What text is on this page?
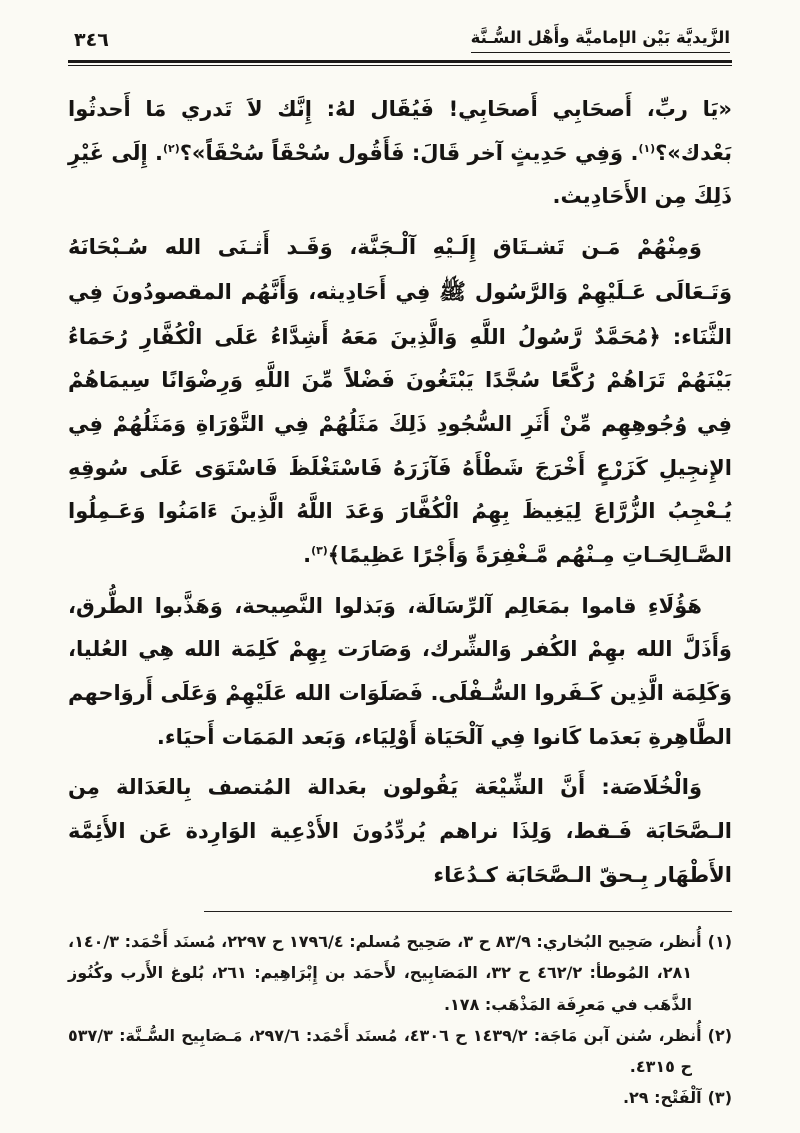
الزَّيديَّة بَيْن الإماميَّة وأَهْل السُّـنَّة
٣٤٦

«يَا ربِّ، أَصحَابِي أَصحَابِي! فَيُقَال لهُ: إِنَّك لاَ تَدري مَا أَحدثُوا بَعْدك»؟$^{(١)}$. وَفِي حَدِيثٍ آخر قَالَ: فَأَقُول سُحْقَاً سُحْقَاً»؟$^{(٢)}$. إِلَى غَيْرِ ذَلِكَ مِن الأَحَادِيث.

وَمِنْهُمْ مَـن تَشـتَاق إِلَـيْهِ آلْـجَنَّة، وَقَـد أَثـنَى الله سُـبْحَانَهُ وَتَـعَالَى عَـلَيْهِمْ وَالرَّسُول ﷺ فِي أَحَادِيثه، وَأَنَّهُم المقصودُونَ فِي الثَّنَاء: ﴿مُحَمَّدٌ رَّسُولُ اللَّهِ وَالَّذِينَ مَعَهُ أَشِدَّاءُ عَلَى الْكُفَّارِ رُحَمَاءُ بَيْنَهُمْ تَرَاهُمْ رُكَّعًا سُجَّدًا يَبْتَغُونَ فَضْلاً مِّنَ اللَّهِ وَرِضْوَانًا سِيمَاهُمْ فِي وُجُوهِهِم مِّنْ أَثَرِ السُّجُودِ ذَلِكَ مَثَلُهُمْ فِي التَّوْرَاةِ وَمَثَلُهُمْ فِي الإِنجِيلِ كَزَرْعٍ أَخْرَجَ شَطْأَهُ فَآزَرَهُ فَاسْتَغْلَظَ فَاسْتَوَى عَلَى سُوقِهِ يُـعْجِبُ الزُّرَّاعَ لِيَغِيظَ بِهِمُ الْكُفَّارَ وَعَدَ اللَّهُ الَّذِينَ ءَامَنُوا وَعَـمِلُوا الصَّـالِحَـاتِ مِـنْهُم مَّـغْفِرَةً وَأَجْرًا عَظِيمًا﴾$^{(٣)}$.

هَؤُلَاءِ قاموا بمَعَالِم آلرِّسَالَة، وَبَذلوا النَّصِيحة، وَهَذَّبوا الطُّرق، وَأَذَلَّ الله بهِمْ الكُفر وَالشِّرك، وَصَارَت بِهِمْ كَلِمَة الله هِي العُليا، وَكَلِمَة الَّذِين كَـفَروا السُّـفْلَى. فَصَلَوَات الله عَلَيْهِمْ وَعَلَى أَروَاحهم الطَّاهِرةِ بَعدَما كَانوا فِي آلْحَيَاة أَوْلِيَاء، وَبَعد المَمَات أَحيَاء.

وَالْخُلَاصَة: أَنَّ الشِّيْعَة يَقُولون بعَدالة المُتصف بِالعَدَالة مِن الـصَّحَابَة فَـقط، وَلِذَا نراهم يُردِّدُونَ الأَدْعِية الوَارِدة عَن الأَئِمَّة الأَطْهَار بِـحقّ الـصَّحَابَة كـدُعَاء

(١)أُنظر، صَحِيح البُخاري: ٨٣/٩ ح ٣، صَحِيح مُسلم: ١٧٩٦/٤ ح ٢٢٩٧، مُسنَد أَحْمَد: ١٤٠/٣، ٢٨١، المُوطأ: ٤٦٢/٢ ح ٣٢، المَصَابِيح، لأَحمَد بن إِبْرَاهِيم: ٢٦١، بُلوغ الأَرب وكُنُوز الذَّهَب في مَعرِفَة المَذْهَب: ١٧٨.
(٢)أُنظر، سُنن آبن مَاجَة: ١٤٣٩/٢ ح ٤٣٠٦، مُسنَد أَحْمَد: ٢٩٧/٦، مَـصَابِيح السُّـنَّة: ٥٣٧/٣ ح ٤٣١٥.
(٣)آلْفَتْح: ٢٩.
